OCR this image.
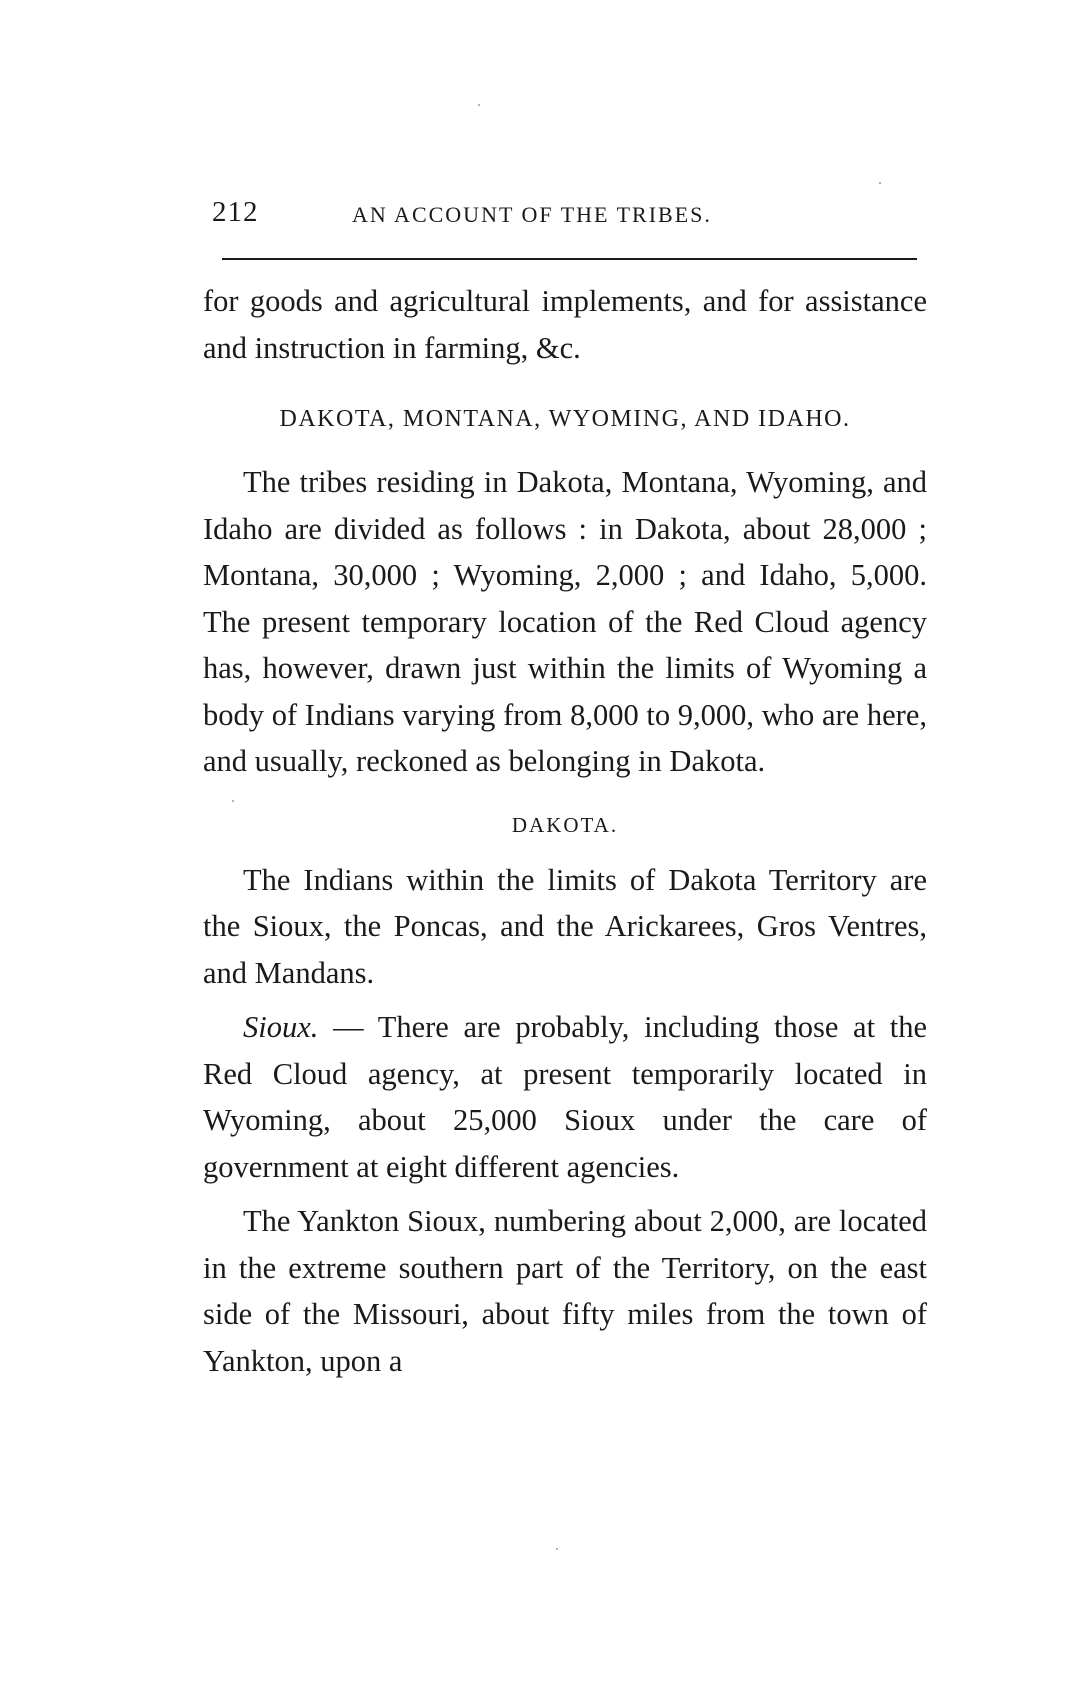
212	AN ACCOUNT OF THE TRIBES.

for goods and agricultural implements, and for assistance and instruction in farming, &c.

DAKOTA, MONTANA, WYOMING, AND IDAHO.

The tribes residing in Dakota, Montana, Wyoming, and Idaho are divided as follows : in Dakota, about 28,000 ; Montana, 30,000 ; Wyoming, 2,000 ; and Idaho, 5,000. The present temporary location of the Red Cloud agency has, however, drawn just within the limits of Wyoming a body of Indians varying from 8,000 to 9,000, who are here, and usually, reckoned as belonging in Dakota.

DAKOTA.

The Indians within the limits of Dakota Territory are the Sioux, the Poncas, and the Arickarees, Gros Ventres, and Mandans.

Sioux. — There are probably, including those at the Red Cloud agency, at present temporarily located in Wyoming, about 25,000 Sioux under the care of government at eight different agencies.

The Yankton Sioux, numbering about 2,000, are located in the extreme southern part of the Territory, on the east side of the Missouri, about fifty miles from the town of Yankton, upon a
